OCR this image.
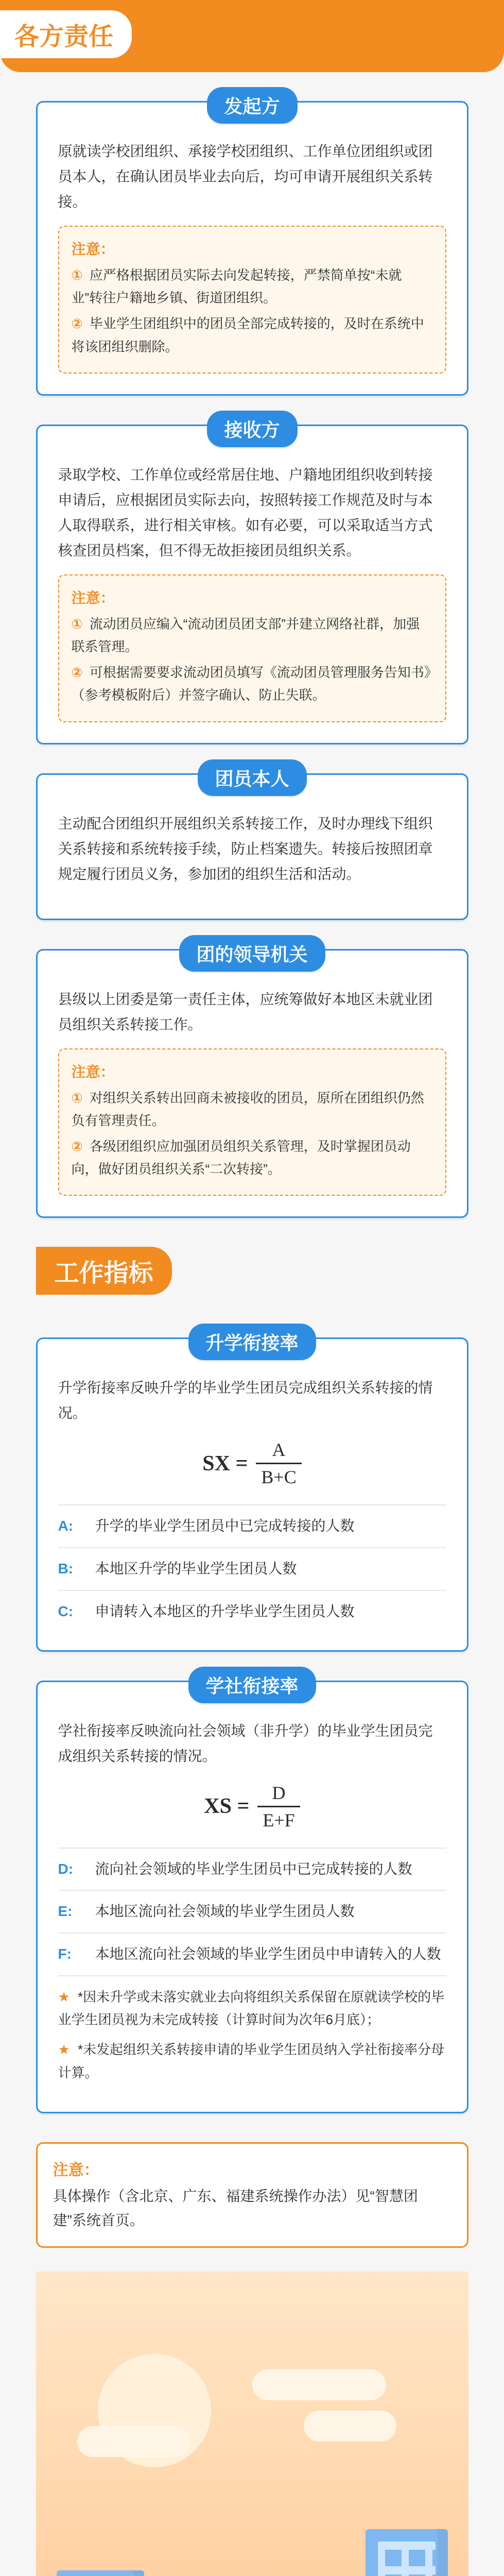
各方责任
发起方

原就读学校团组织、承接学校团组织、工作单位团组织或团员本人，在确认团员毕业去向后，均可申请开展组织关系转接。

注意：
① 应严格根据团员实际去向发起转接，严禁简单按“未就业”转往户籍地乡镇、街道团组织。
② 毕业学生团组织中的团员全部完成转接的，及时在系统中将该团组织删除。
接收方

录取学校、工作单位或经常居住地、户籍地团组织收到转接申请后，应根据团员实际去向，按照转接工作规范及时与本人取得联系，进行相关审核。如有必要，可以采取适当方式核查团员档案，但不得无故拒接团员组织关系。

注意：
① 流动团员应编入“流动团员团支部”并建立网络社群，加强联系管理。
② 可根据需要要求流动团员填写《流动团员管理服务告知书》（参考模板附后）并签字确认、防止失联。
团员本人

主动配合团组织开展组织关系转接工作，及时办理线下组织关系转接和系统转接手续，防止档案遗失。转接后按照团章规定履行团员义务，参加团的组织生活和活动。

团的领导机关

县级以上团委是第一责任主体，应统筹做好本地区未就业团员组织关系转接工作。

注意：
① 对组织关系转出回商未被接收的团员，原所在团组织仍然负有管理责任。
② 各级团组织应加强团员组织关系管理，及时掌握团员动向，做好团员组织关系“二次转接”。
工作指标
升学衔接率

升学衔接率反映升学的毕业学生团员完成组织关系转接的情况。

SX = $\frac{A}{B+C}$
A:	升学的毕业学生团员中已完成转接的人数
B:	本地区升学的毕业学生团员人数
C:	申请转入本地区的升学毕业学生团员人数
学社衔接率

学社衔接率反映流向社会领域（非升学）的毕业学生团员完成组织关系转接的情况。

XS = $\frac{D}{E+F}$
D:	流向社会领域的毕业学生团员中已完成转接的人数
E:	本地区流向社会领域的毕业学生团员人数
F:	本地区流向社会领域的毕业学生团员中申请转入的人数
★ *因未升学或未落实就业去向将组织关系保留在原就读学校的毕业学生团员视为未完成转接（计算时间为次年6月底）；
★ *未发起组织关系转接申请的毕业学生团员纳入学社衔接率分母计算。
注意：
具体操作（含北京、广东、福建系统操作办法）见“智慧团建”系统首页。
